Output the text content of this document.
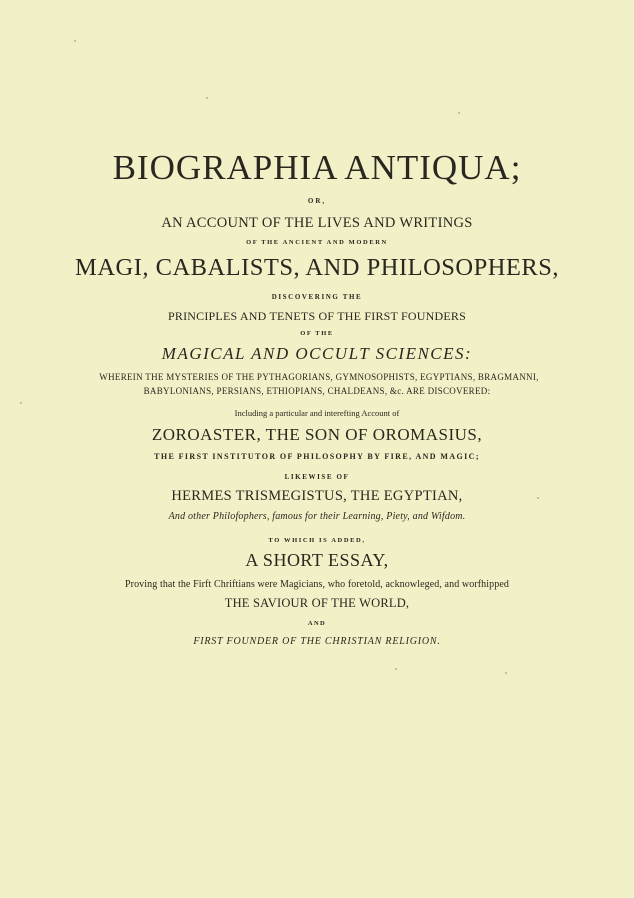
BIOGRAPHIA ANTIQUA;
OR,
AN ACCOUNT OF THE LIVES AND WRITINGS
OF THE ANCIENT AND MODERN
MAGI, CABALISTS, AND PHILOSOPHERS,
DISCOVERING THE
PRINCIPLES AND TENETS OF THE FIRST FOUNDERS
OF THE
MAGICAL AND OCCULT SCIENCES:
WHEREIN THE MYSTERIES OF THE PYTHAGORIANS, GYMNOSOPHISTS, EGYPTIANS, BRAGMANNI,
BABYLONIANS, PERSIANS, ETHIOPIANS, CHALDEANS, &c. ARE DISCOVERED:
Including a particular and interefting Account of
ZOROASTER, THE SON OF OROMASIUS,
THE FIRST INSTITUTOR OF PHILOSOPHY BY FIRE, AND MAGIC;
LIKEWISE OF
HERMES TRISMEGISTUS, THE EGYPTIAN,
And other Philofophers, famous for their Learning, Piety, and Wifdom.
TO WHICH IS ADDED,
A SHORT ESSAY,
Proving that the Firft Chriftians were Magicians, who foretold, acknowleged, and worfhipped
THE SAVIOUR OF THE WORLD,
AND
FIRST FOUNDER OF THE CHRISTIAN RELIGION.
